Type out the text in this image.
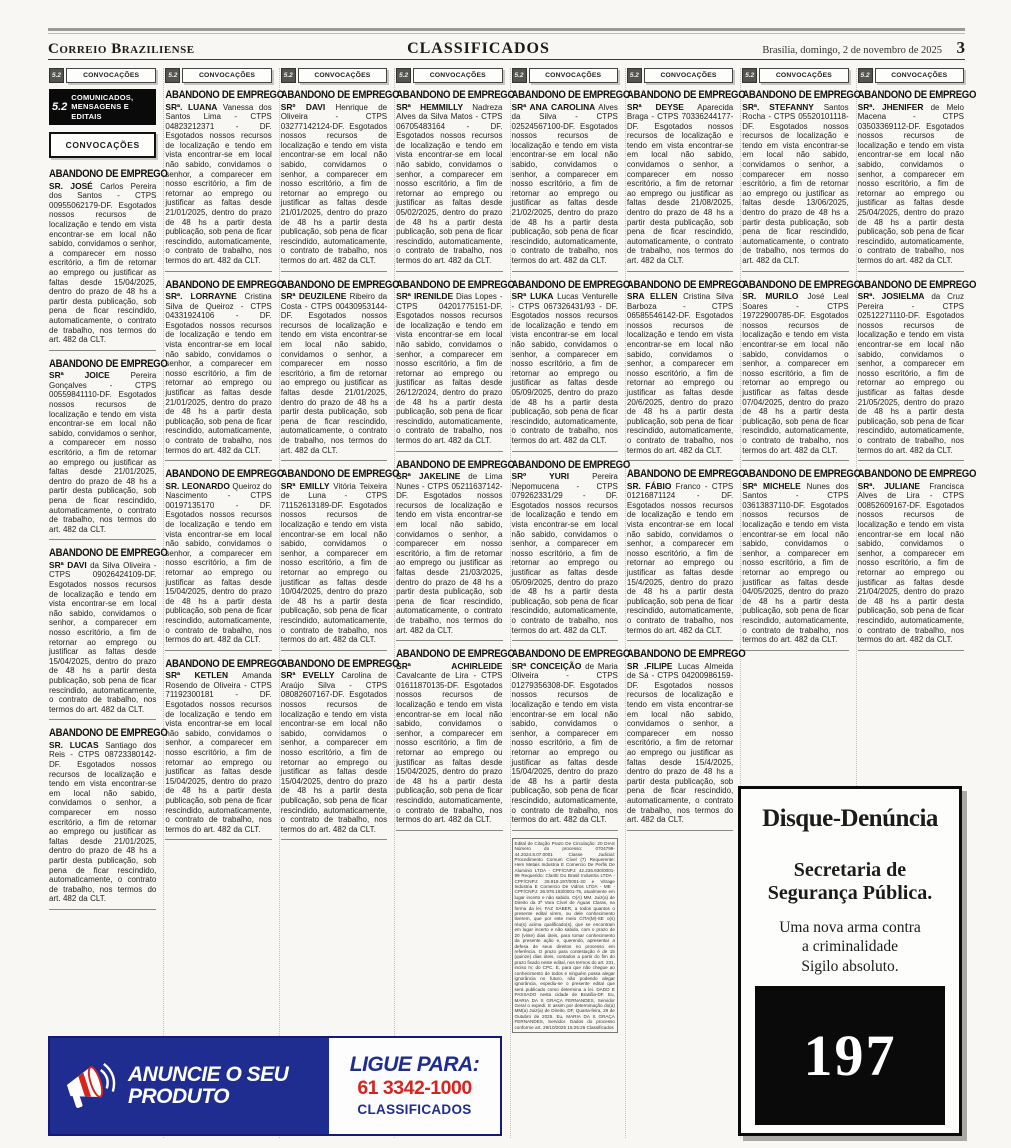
Correio Braziliense	CLASSIFICADOS	Brasília, domingo, 2 de novembro de 2025 3
5.2	CONVOCAÇÕES
5.2
COMUNICADOS, MENSAGENS E EDITAIS
CONVOCAÇÕES
ABANDONO DE EMPREGO

SR. JOSÉ Carlos Pereira dos Santos - CTPS 00955062179-DF. Esgotados nossos recursos de localização e tendo em vista encontrar-se em local não sabido, convidamos o senhor, a comparecer em nosso escritório, a fim de retornar ao emprego ou justificar as faltas desde 15/04/2025, dentro do prazo de 48 hs a partir desta publicação, sob pena de ficar rescindido, automaticamente, o contrato de trabalho, nos termos do art. 482 da CLT.

ABANDONO DE EMPREGO

SRª JOICE Pereira Gonçalves - CTPS 00559841110-DF. Esgotados nossos recursos de localização e tendo em vista encontrar-se em local não sabido, convidamos o senhor, a comparecer em nosso escritório, a fim de retornar ao emprego ou justificar as faltas desde 21/01/2025, dentro do prazo de 48 hs a partir desta publicação, sob pena de ficar rescindido, automaticamente, o contrato de trabalho, nos termos do art. 482 da CLT.

ABANDONO DE EMPREGO

SRª DAVI da Silva Oliveira - CTPS 09026424109-DF. Esgotados nossos recursos de localização e tendo em vista encontrar-se em local não sabido, convidamos o senhor, a comparecer em nosso escritório, a fim de retornar ao emprego ou justificar as faltas desde 15/04/2025, dentro do prazo de 48 hs a partir desta publicação, sob pena de ficar rescindido, automaticamente, o contrato de trabalho, nos termos do art. 482 da CLT.

ABANDONO DE EMPREGO

SR. LUCAS Santiago dos Reis - CTPS 08723380142-DF. Esgotados nossos recursos de localização e tendo em vista encontrar-se em local não sabido, convidamos o senhor, a comparecer em nosso escritório, a fim de retornar ao emprego ou justificar as faltas desde 21/01/2025, dentro do prazo de 48 hs a partir desta publicação, sob pena de ficar rescindido, automaticamente, o contrato de trabalho, nos termos do art. 482 da CLT.

5.2	CONVOCAÇÕES
ABANDONO DE EMPREGO

SRª. LUANA Vanessa dos Santos Lima - CTPS 04823212371 - DF. Esgotados nossos recursos de localização e tendo em vista encontrar-se em local não sabido, convidamos o senhor, a comparecer em nosso escritório, a fim de retornar ao emprego ou justificar as faltas desde 21/01/2025, dentro do prazo de 48 hs a partir desta publicação, sob pena de ficar rescindido, automaticamente, o contrato de trabalho, nos termos do art. 482 da CLT.

ABANDONO DE EMPREGO

SRª. LORRAYNE Cristina Silva de Queiroz - CTPS 04331924106 - DF. Esgotados nossos recursos de localização e tendo em vista encontrar-se em local não sabido, convidamos o senhor, a comparecer em nosso escritório, a fim de retornar ao emprego ou justificar as faltas desde 21/01/2025, dentro do prazo de 48 hs a partir desta publicação, sob pena de ficar rescindido, automaticamente, o contrato de trabalho, nos termos do art. 482 da CLT.

ABANDONO DE EMPREGO

SR. LEONARDO Queiroz do Nascimento - CTPS 00197135170 - DF. Esgotados nossos recursos de localização e tendo em vista encontrar-se em local não sabido, convidamos o senhor, a comparecer em nosso escritório, a fim de retornar ao emprego ou justificar as faltas desde 15/04/2025, dentro do prazo de 48 hs a partir desta publicação, sob pena de ficar rescindido, automaticamente, o contrato de trabalho, nos termos do art. 482 da CLT.

ABANDONO DE EMPREGO

SRª KETLEN Amanda Rosendo de Oliveira - CTPS 71192300181 - DF. Esgotados nossos recursos de localização e tendo em vista encontrar-se em local não sabido, convidamos o senhor, a comparecer em nosso escritório, a fim de retornar ao emprego ou justificar as faltas desde 15/04/2025, dentro do prazo de 48 hs a partir desta publicação, sob pena de ficar rescindido, automaticamente, o contrato de trabalho, nos termos do art. 482 da CLT.

5.2	CONVOCAÇÕES
ABANDONO DE EMPREGO

SRº DAVI Henrique de Oliveira - CTPS 03277142124-DF. Esgotados nossos recursos de localização e tendo em vista encontrar-se em local não sabido, convidamos o senhor, a comparecer em nosso escritório, a fim de retornar ao emprego ou justificar as faltas desde 21/01/2025, dentro do prazo de 48 hs a partir desta publicação, sob pena de ficar rescindido, automaticamente, o contrato de trabalho, nos termos do art. 482 da CLT.

ABANDONO DE EMPREGO

SRª DEUZILENE Ribeiro da Costa - CTPS 00430953144-DF. Esgotados nossos recursos de localização e tendo em vista encontrar-se em local não sabido, convidamos o senhor, a comparecer em nosso escritório, a fim de retornar ao emprego ou justificar as faltas desde 21/01/2025, dentro do prazo de 48 hs a partir desta publicação, sob pena de ficar rescindido, automaticamente, o contrato de trabalho, nos termos do art. 482 da CLT.

ABANDONO DE EMPREGO

SRª EMILLY Vitória Teixeira de Luna - CTPS 71152613189-DF. Esgotados nossos recursos de localização e tendo em vista encontrar-se em local não sabido, convidamos o senhor, a comparecer em nosso escritório, a fim de retornar ao emprego ou justificar as faltas desde 10/04/2025, dentro do prazo de 48 hs a partir desta publicação, sob pena de ficar rescindido, automaticamente, o contrato de trabalho, nos termos do art. 482 da CLT.

ABANDONO DE EMPREGO

SRª EVELLY Carolina de Araújo Silva - CTPS 08082607167-DF. Esgotados nossos recursos de localização e tendo em vista encontrar-se em local não sabido, convidamos o senhor, a comparecer em nosso escritório, a fim de retornar ao emprego ou justificar as faltas desde 15/04/2025, dentro do prazo de 48 hs a partir desta publicação, sob pena de ficar rescindido, automaticamente, o contrato de trabalho, nos termos do art. 482 da CLT.

5.2	CONVOCAÇÕES
ABANDONO DE EMPREGO

SRª HEMMILLY Nadreza Alves da Silva Matos - CTPS 06705483164 - DF. Esgotados nossos recursos de localização e tendo em vista encontrar-se em local não sabido, convidamos o senhor, a comparecer em nosso escritório, a fim de retornar ao emprego ou justificar as faltas desde 05/02/2025, dentro do prazo de 48 hs a partir desta publicação, sob pena de ficar rescindido, automaticamente, o contrato de trabalho, nos termos do art. 482 da CLT.

ABANDONO DE EMPREGO

SRª IRENILDE Dias Lopes - CTPS 04201775151-DF. Esgotados nossos recursos de localização e tendo em vista encontrar-se em local não sabido, convidamos o senhor, a comparecer em nosso escritório, a fim de retornar ao emprego ou justificar as faltas desde 26/12/2024, dentro do prazo de 48 hs a partir desta publicação, sob pena de ficar rescindido, automaticamente, o contrato de trabalho, nos termos do art. 482 da CLT.

ABANDONO DE EMPREGO

SRª JAKELINE de Lima Nunes - CTPS 05211637142-DF. Esgotados nossos recursos de localização e tendo em vista encontrar-se em local não sabido, convidamos o senhor, a comparecer em nosso escritório, a fim de retornar ao emprego ou justificar as faltas desde 21/03/2025, dentro do prazo de 48 hs a partir desta publicação, sob pena de ficar rescindido, automaticamente, o contrato de trabalho, nos termos do art. 482 da CLT.

ABANDONO DE EMPREGO

SRª ACHIRLEIDE Cavalcante de Lira - CTPS 01611870135-DF. Esgotados nossos recursos de localização e tendo em vista encontrar-se em local não sabido, convidamos o senhor, a comparecer em nosso escritório, a fim de retornar ao emprego ou justificar as faltas desde 15/04/2025, dentro do prazo de 48 hs a partir desta publicação, sob pena de ficar rescindido, automaticamente, o contrato de trabalho, nos termos do art. 482 da CLT.

5.2	CONVOCAÇÕES
ABANDONO DE EMPREGO

SRª ANA CAROLINA Alves da Silva - CTPS 02524567100-DF. Esgotados nossos recursos de localização e tendo em vista encontrar-se em local não sabido, convidamos o senhor, a comparecer em nosso escritório, a fim de retornar ao emprego ou justificar as faltas desde 21/02/2025, dentro do prazo de 48 hs a partir desta publicação, sob pena de ficar rescindido, automaticamente, o contrato de trabalho, nos termos do art. 482 da CLT.

ABANDONO DE EMPREGO

SRª LUKA Lucas Venturelle - CTPS 067326431/93 - DF. Esgotados nossos recursos de localização e tendo em vista encontrar-se em local não sabido, convidamos o senhor, a comparecer em nosso escritório, a fim de retornar ao emprego ou justificar as faltas desde 05/09/2025, dentro do prazo de 48 hs a partir desta publicação, sob pena de ficar rescindido, automaticamente, o contrato de trabalho, nos termos do art. 482 da CLT.

ABANDONO DE EMPREGO

SRº YURI Pereira Nepomucena - CTPS 079262331/29 - DF. Esgotados nossos recursos de localização e tendo em vista encontrar-se em local não sabido, convidamos o senhor, a comparecer em nosso escritório, a fim de retornar ao emprego ou justificar as faltas desde 05/09/2025, dentro do prazo de 48 hs a partir desta publicação, sob pena de ficar rescindido, automaticamente, o contrato de trabalho, nos termos do art. 482 da CLT.

ABANDONO DE EMPREGO

SRª CONCEIÇÃO de Maria Oliveira - CTPS 01279356308-DF. Esgotados nossos recursos de localização e tendo em vista encontrar-se em local não sabido, convidamos o senhor, a comparecer em nosso escritório, a fim de retornar ao emprego ou justificar as faltas desde 15/04/2025, dentro do prazo de 48 hs a partir desta publicação, sob pena de ficar rescindido, automaticamente, o contrato de trabalho, nos termos do art. 482 da CLT.

Edital de Citação Prazo De Circulação: 20 DIAS Número do processo: 0704799-44.2024.8.07.0001 Classe Judicial: Procedimento Comum Cível (7) Requerente: Hers Metais Industria E Comercio De Perfis De Aluminio LTDA - CPF/CNPJ: 42.236.930/0001-99 Requerido: Claritti Do Brasil Industria LTDA - CPF/CNPJ: 28.919.197/0001-20 e Vitrage Industria E Comercio De Vidros LTDA - ME - CPF/CNPJ: 26.978.183/0001-75, atualmente em lugar incerto e não sabido. O(A) MM. Juiz(a) de Direito da 3ª Vara Cível de Águas Claras, na forma da lei, FAZ SABER, a todos quantos o presente edital virem, ou dele conhecimento tiverem, que por este meio CITA(M)-SE o(s) réu(s) acima qualificado(s), que se encontram em lugar incerto e não sabido, com o prazo de 20 (vinte) dias úteis, para tomar conhecimento da presente ação e, querendo, apresentar a defesa de seus direitos no processo em referência. O prazo para contestação é de 15 (quinze) dias úteis, contados a partir do fim do prazo fixado neste edital, nos termos do art. 231, inciso IV, do CPC. E, para que não chegue ao conhecimento de todos e ninguém possa alegar ignorância no futuro, não podendo alegar ignorância, expediu-se o presente edital que será publicado como determina a lei. DADO E PASSADO nesta cidade de Brasília-DF. Eu, MARIA DA S GRAÇA FERNANDES, Servidor Geral o expedi. E assim por determinação do(a) MM(a) Juiz(a) de Direito. DF, Quarta-feira, 29 de Outubro de 2025. Eu, MARIA DA S GRAÇA FERNANDES, Servidor. Dados do processo conforme art. 29/10/2025 15:25:26 Classificados
5.2	CONVOCAÇÕES
ABANDONO DE EMPREGO

SRª DEYSE Aparecida Braga - CTPS 70336244177-DF. Esgotados nossos recursos de localização e tendo em vista encontrar-se em local não sabido, convidamos o senhor, a comparecer em nosso escritório, a fim de retornar ao emprego ou justificar as faltas desde 21/08/2025, dentro do prazo de 48 hs a partir desta publicação, sob pena de ficar rescindido, automaticamente, o contrato de trabalho, nos termos do art. 482 da CLT.

ABANDONO DE EMPREGO

SRA ELLEN Cristina Silva Barboza - CTPS 06585546142-DF. Esgotados nossos recursos de localização e tendo em vista encontrar-se em local não sabido, convidamos o senhor, a comparecer em nosso escritório, a fim de retornar ao emprego ou justificar as faltas desde 20/6/2025, dentro do prazo de 48 hs a partir desta publicação, sob pena de ficar rescindido, automaticamente, o contrato de trabalho, nos termos do art. 482 da CLT.

ABANDONO DE EMPREGO

SR. FÁBIO Franco - CTPS 01216871124 - DF. Esgotados nossos recursos de localização e tendo em vista encontrar-se em local não sabido, convidamos o senhor, a comparecer em nosso escritório, a fim de retornar ao emprego ou justificar as faltas desde 15/4/2025, dentro do prazo de 48 hs a partir desta publicação, sob pena de ficar rescindido, automaticamente, o contrato de trabalho, nos termos do art. 482 da CLT.

ABANDONO DE EMPREGO

SR .FILIPE Lucas Almeida de Sá - CTPS 04200986159-DF. Esgotados nossos recursos de localização e tendo em vista encontrar-se em local não sabido, convidamos o senhor, a comparecer em nosso escritório, a fim de retornar ao emprego ou justificar as faltas desde 15/4/2025, dentro do prazo de 48 hs a partir desta publicação, sob pena de ficar rescindido, automaticamente, o contrato de trabalho, nos termos do art. 482 da CLT.

5.2	CONVOCAÇÕES
ABANDONO DE EMPREGO

SRª. STEFANNY Santos Rocha - CTPS 05520101118-DF. Esgotados nossos recursos de localização e tendo em vista encontrar-se em local não sabido, convidamos o senhor, a comparecer em nosso escritório, a fim de retornar ao emprego ou justificar as faltas desde 13/06/2025, dentro do prazo de 48 hs a partir desta publicação, sob pena de ficar rescindido, automaticamente, o contrato de trabalho, nos termos do art. 482 da CLT.

ABANDONO DE EMPREGO

SR. MURILO José Leal Soares - CTPS 19722900785-DF. Esgotados nossos recursos de localização e tendo em vista encontrar-se em local não sabido, convidamos o senhor, a comparecer em nosso escritório, a fim de retornar ao emprego ou justificar as faltas desde 07/04/2025, dentro do prazo de 48 hs a partir desta publicação, sob pena de ficar rescindido, automaticamente, o contrato de trabalho, nos termos do art. 482 da CLT.

ABANDONO DE EMPREGO

SRª MICHELE Nunes dos Santos - CTPS 03613837110-DF. Esgotados nossos recursos de localização e tendo em vista encontrar-se em local não sabido, convidamos o senhor, a comparecer em nosso escritório, a fim de retornar ao emprego ou justificar as faltas desde 04/05/2025, dentro do prazo de 48 hs a partir desta publicação, sob pena de ficar rescindido, automaticamente, o contrato de trabalho, nos termos do art. 482 da CLT.

5.2	CONVOCAÇÕES
ABANDONO DE EMPREGO

SRª. JHENIFER de Melo Macena - CTPS 03503369112-DF. Esgotados nossos recursos de localização e tendo em vista encontrar-se em local não sabido, convidamos o senhor, a comparecer em nosso escritório, a fim de retornar ao emprego ou justificar as faltas desde 25/04/2025, dentro do prazo de 48 hs a partir desta publicação, sob pena de ficar rescindido, automaticamente, o contrato de trabalho, nos termos do art. 482 da CLT.

ABANDONO DE EMPREGO

SRª. JOSIELMA da Cruz Pereira - CTPS 02512271110-DF. Esgotados nossos recursos de localização e tendo em vista encontrar-se em local não sabido, convidamos o senhor, a comparecer em nosso escritório, a fim de retornar ao emprego ou justificar as faltas desde 21/05/2025, dentro do prazo de 48 hs a partir desta publicação, sob pena de ficar rescindido, automaticamente, o contrato de trabalho, nos termos do art. 482 da CLT.

ABANDONO DE EMPREGO

SRª. JULIANE Francisca Alves de Lira - CTPS 00852609167-DF. Esgotados nossos recursos de localização e tendo em vista encontrar-se em local não sabido, convidamos o senhor, a comparecer em nosso escritório, a fim de retornar ao emprego ou justificar as faltas desde 21/04/2025, dentro do prazo de 48 hs a partir desta publicação, sob pena de ficar rescindido, automaticamente, o contrato de trabalho, nos termos do art. 482 da CLT.

ANUNCIE O SEU PRODUTO
LIGUE PARA:
61 3342-1000
CLASSIFICADOS
Disque-Denúncia
Secretaria de
Segurança Pública.
Uma nova arma contra
a criminalidade
Sigilo absoluto.
197
